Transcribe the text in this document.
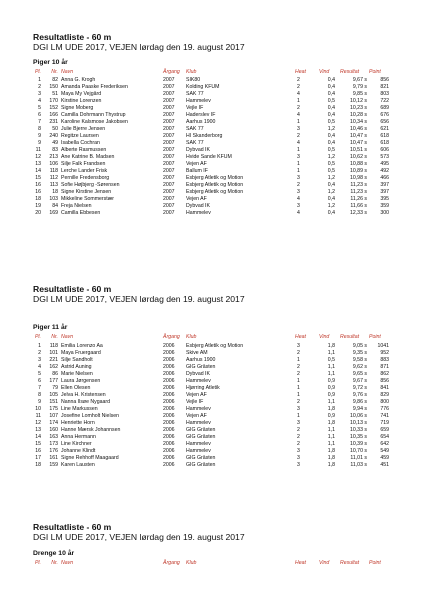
Resultatliste - 60 m
DGI LM UDE 2017, VEJEN lørdag den 19. august 2017
Piger 10 år
Pl.	Nr. Navn	Årgang Klub	Heat	Vind	Resultat	Point
1	82 Anna G. Krogh	2007 SIK80	2	0,4	9,67 s	856
2	150 Amanda Paaske Frederiksen	2007 Kolding KFUM	2	0,4	9,79 s	821
3	51 Maya My Vejgård	2007 SAK 77	4	0,4	9,85 s	803
4	170 Kirstine Lorenzen	2007 Hammelev	1	0,5	10,12 s	722
5	152 Signe Moberg	2007 Vejle IF	2	0,4	10,23 s	689
6	166 Camilla Dohrmann Thystrup	2007 Haderslev IF	4	0,4	10,28 s	676
7	231 Karoline Kalsmose Jakobsen	2007 Aarhus 1900	1	0,5	10,34 s	656
8	50 Julie Bjerre Jensen	2007 SAK 77	3	1,2	10,46 s	621
9	240 Regitze Laursen	2007 HI Skanderborg	2	0,4	10,47 s	618
9	49 Isabella Cochran	2007 SAK 77	4	0,4	10,47 s	618
11	83 Alberte Rasmussen	2007 Dybvad IK	1	0,5	10,51 s	606
12	213 Ane Katrine B. Madsen	2007 Hvide Sande KFUM	3	1,2	10,62 s	573
13	106 Silje Falk Frandsen	2007 Vejen AF	1	0,5	10,88 s	495
14	118 Lerche Lander Frisk	2007 Ballum IF	1	0,5	10,89 s	492
15	112 Pernille Fredensborg	2007 Esbjerg Atletik og Motion	3	1,2	10,98 s	466
16	113 Sofie Højbjerg -Sørensen	2007 Esbjerg Atletik og Motion	2	0,4	11,23 s	397
16	18 Signe Kirstine Jensen	2007 Esbjerg Atletik og Motion	3	1,2	11,23 s	397
18	103 Mikkeline Sommerstær	2007 Vejen AF	4	0,4	11,26 s	395
19	84 Freja Nielsen	2007 Dybvad IK	3	1,2	11,66 s	359
20	169 Camilla Ebbesen	2007 Hammelev	4	0,4	12,33 s	300
Resultatliste - 60 m
DGI LM UDE 2017, VEJEN lørdag den 19. august 2017
Piger 11 år
Pl.	Nr. Navn	Årgang Klub	Heat	Vind	Resultat	Point
1	118 Emilia Lorenzo Aa	2006 Esbjerg Atletik og Motion	3	1,8	9,05 s	1041
2	101 Maya Fruergaard	2006 Skive AM	2	1,1	9,35 s	952
3	221 Silje Sandholt	2006 Aarhus 1900	1	0,5	9,58 s	883
4	162 Astrid Auning	2006 GIG Gråsten	2	1,1	9,62 s	871
5	86 Marie Nielsen	2006 Dybvad IK	2	1,1	9,65 s	862
6	177 Laura Jørgensen	2006 Hammelev	1	0,9	9,67 s	856
7	79 Ellen Olesen	2006 Hjørring Atletik	1	0,9	9,72 s	841
8	105 Jelva H. Kristensen	2006 Vejen AF	1	0,9	9,76 s	829
9	151 Nanna Ilsøe Nygaard	2006 Vejle IF	2	1,1	9,86 s	800
10	175 Line Markussen	2006 Hammelev	3	1,8	9,94 s	776
11	107 Josefine Lomholt Nielsen	2006 Vejen AF	1	0,9	10,06 s	741
12	174 Henriette Horn	2006 Hammelev	3	1,8	10,13 s	719
13	160 Hanne Mærsk Johannsen	2006 GIG Gråsten	2	1,1	10,33 s	659
14	163 Anna Hermann	2006 GIG Gråsten	2	1,1	10,35 s	654
15	173 Line Kirchner	2006 Hammelev	2	1,1	10,39 s	642
16	176 Johanne Klindt	2006 Hammelev	3	1,8	10,70 s	549
17	161 Signe Rehhoff Maagaard	2006 GIG Gråsten	3	1,8	11,01 s	459
18	159 Karen Lausten	2006 GIG Gråsten	3	1,8	11,03 s	451
Resultatliste - 60 m
DGI LM UDE 2017, VEJEN lørdag den 19. august 2017
Drenge 10 år
Pl.	Nr. Navn	Årgang Klub	Heat	Vind	Resultat	Point
